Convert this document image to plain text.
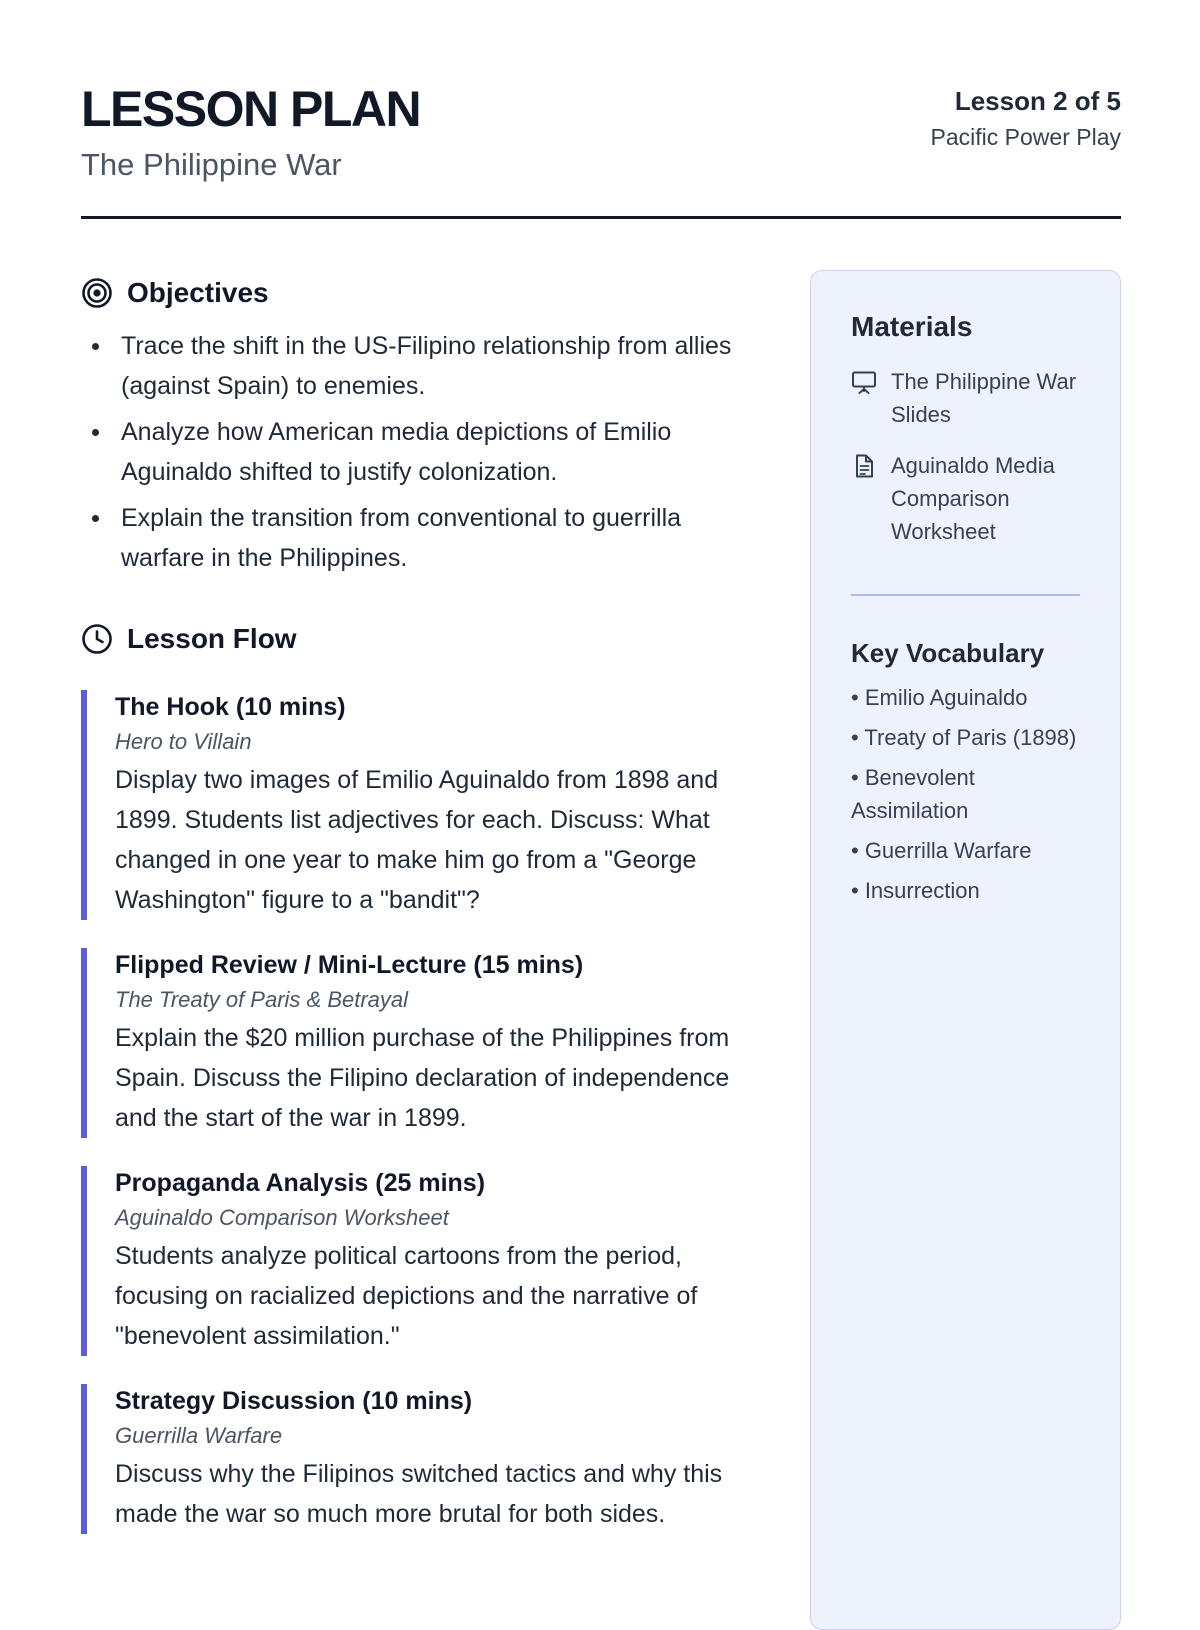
LESSON PLAN
The Philippine War
Lesson 2 of 5
Pacific Power Play
Objectives
Trace the shift in the US-Filipino relationship from allies (against Spain) to enemies.
Analyze how American media depictions of Emilio Aguinaldo shifted to justify colonization.
Explain the transition from conventional to guerrilla warfare in the Philippines.
Lesson Flow
The Hook (10 mins)
Hero to Villain
Display two images of Emilio Aguinaldo from 1898 and 1899. Students list adjectives for each. Discuss: What changed in one year to make him go from a "George Washington" figure to a "bandit"?
Flipped Review / Mini-Lecture (15 mins)
The Treaty of Paris & Betrayal
Explain the $20 million purchase of the Philippines from Spain. Discuss the Filipino declaration of independence and the start of the war in 1899.
Propaganda Analysis (25 mins)
Aguinaldo Comparison Worksheet
Students analyze political cartoons from the period, focusing on racialized depictions and the narrative of "benevolent assimilation."
Strategy Discussion (10 mins)
Guerrilla Warfare
Discuss why the Filipinos switched tactics and why this made the war so much more brutal for both sides.
Materials
The Philippine War Slides
Aguinaldo Media Comparison Worksheet
Key Vocabulary
• Emilio Aguinaldo
• Treaty of Paris (1898)
• Benevolent Assimilation
• Guerrilla Warfare
• Insurrection
